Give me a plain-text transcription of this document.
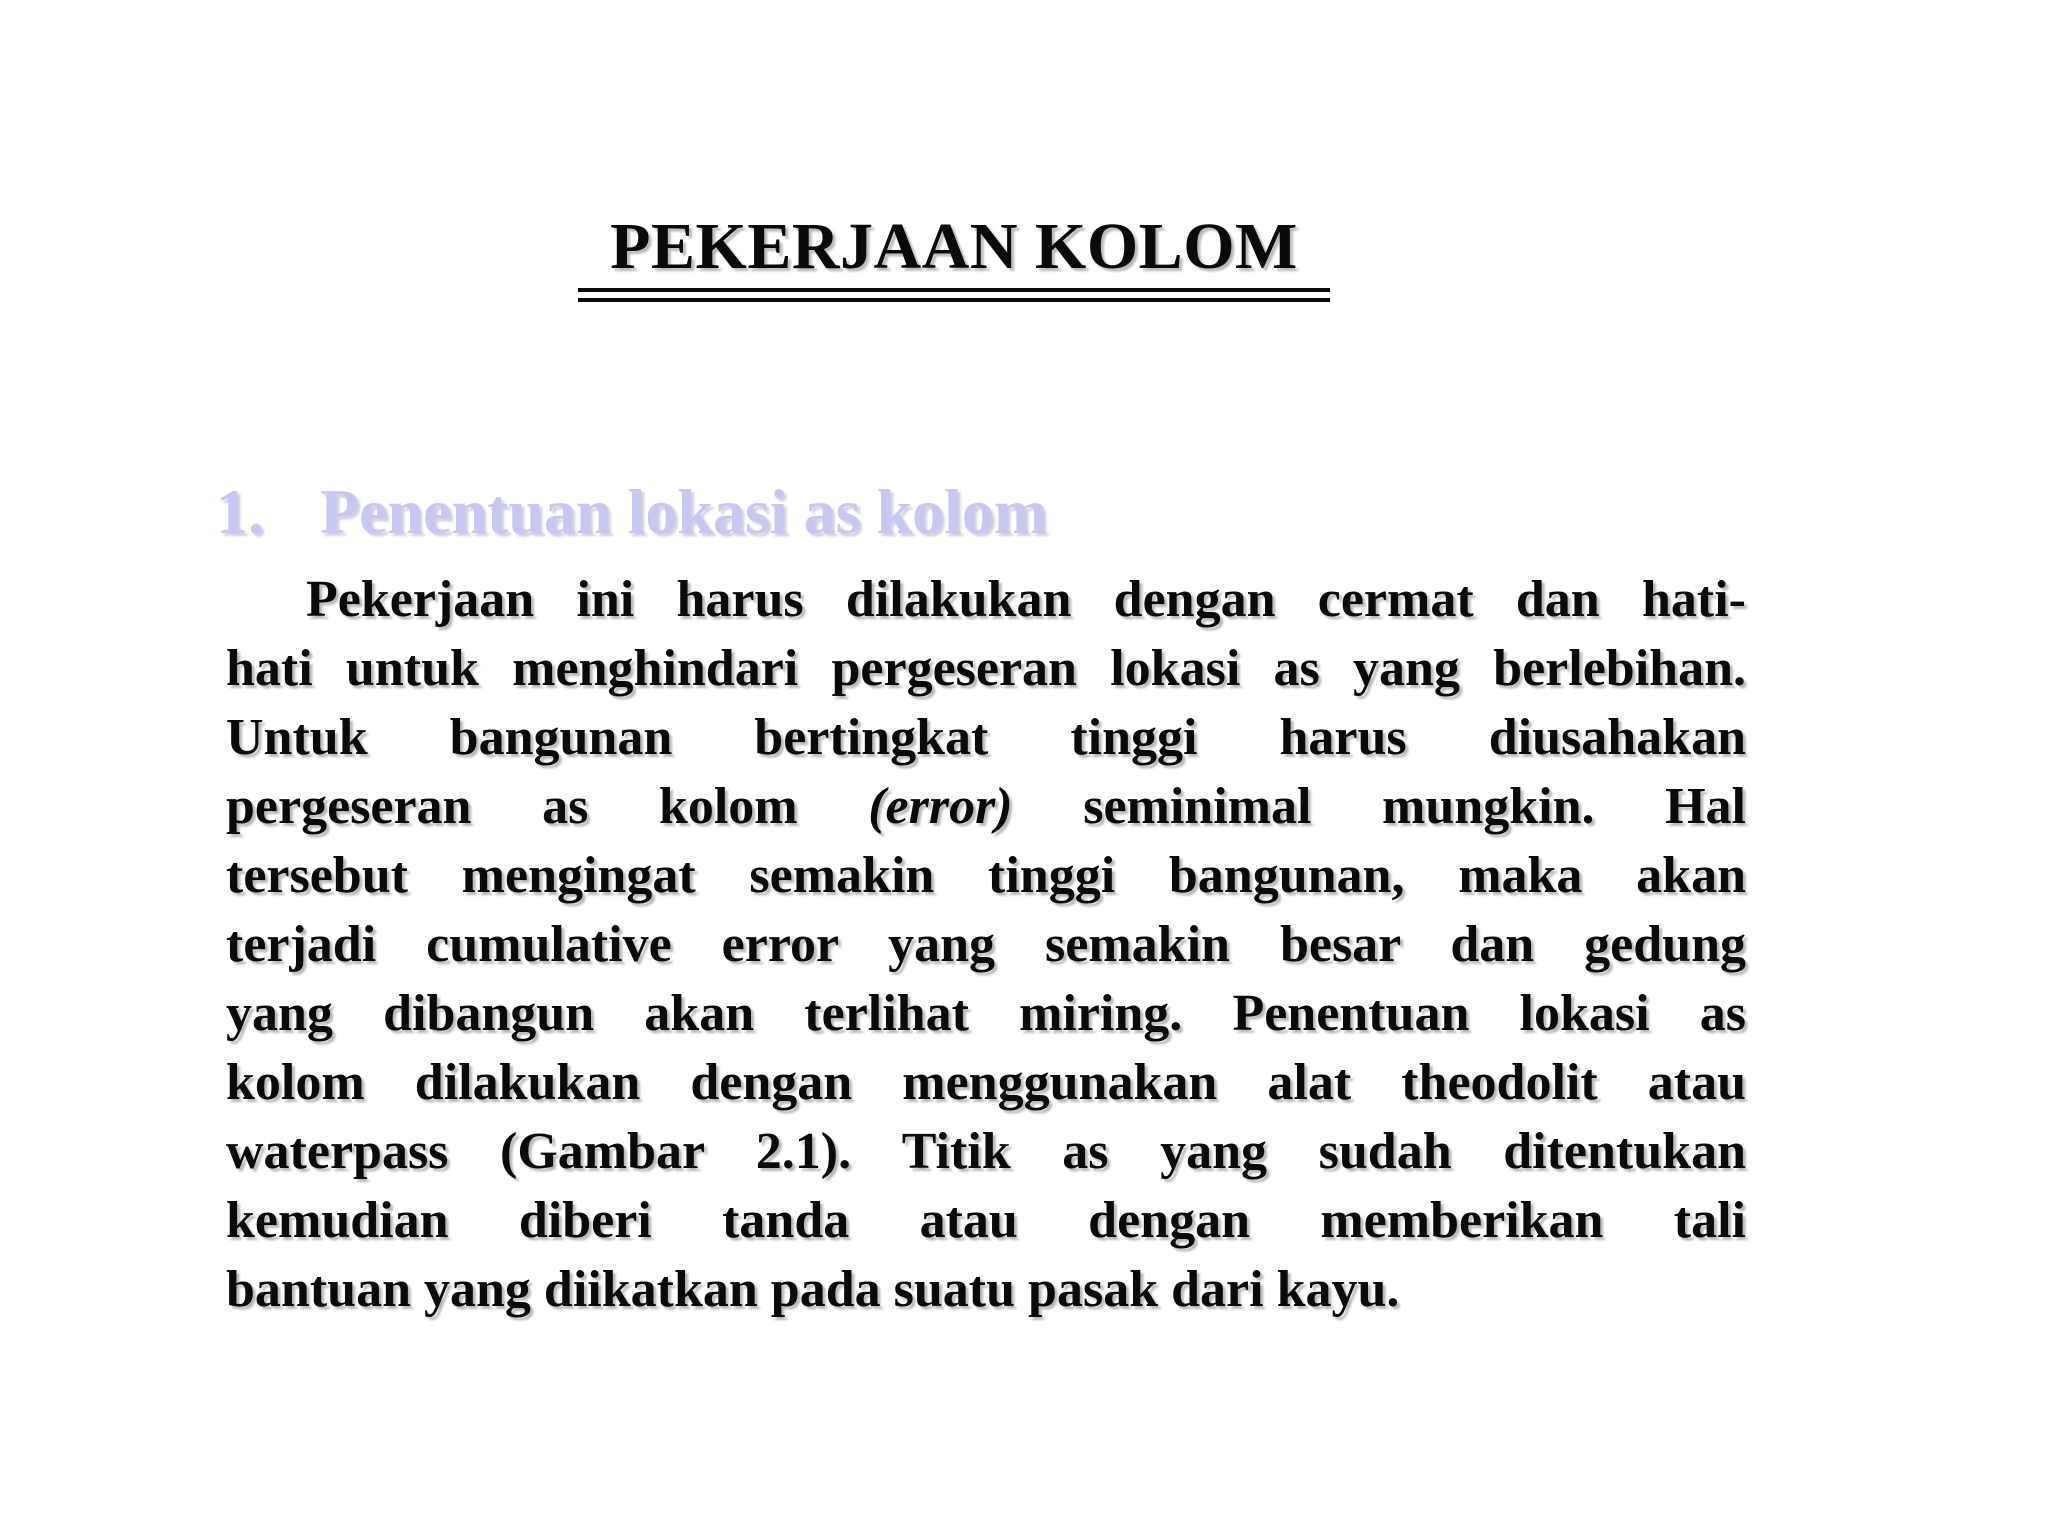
PEKERJAAN KOLOM
1. Penentuan lokasi as kolom
Pekerjaan ini harus dilakukan dengan cermat dan hati-
hati untuk menghindari pergeseran lokasi as yang berlebihan.
Untuk bangunan bertingkat tinggi harus diusahakan
pergeseran as kolom (error) seminimal mungkin. Hal
tersebut mengingat semakin tinggi bangunan, maka akan
terjadi cumulative error yang semakin besar dan gedung
yang dibangun akan terlihat miring. Penentuan lokasi as
kolom dilakukan dengan menggunakan alat theodolit atau
waterpass (Gambar 2.1). Titik as yang sudah ditentukan
kemudian diberi tanda atau dengan memberikan tali
bantuan yang diikatkan pada suatu pasak dari kayu.
